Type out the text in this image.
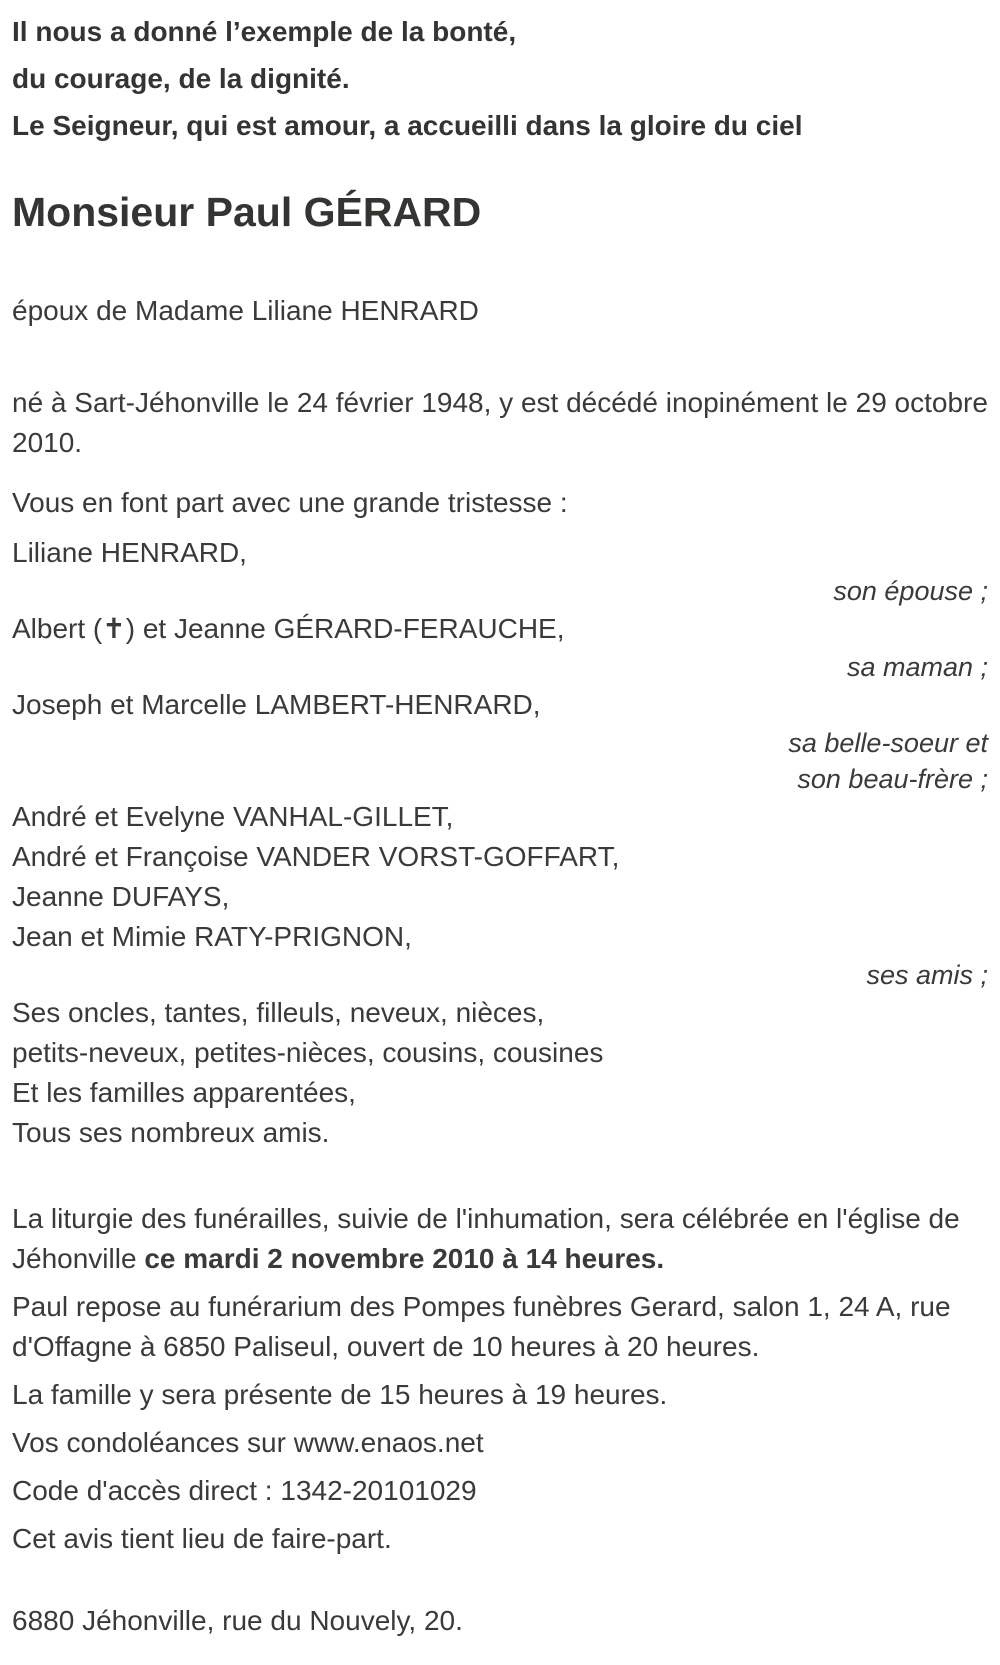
Il nous a donné l’exemple de la bonté,

du courage, de la dignité.

Le Seigneur, qui est amour, a accueilli dans la gloire du ciel

Monsieur Paul GÉRARD

époux de Madame Liliane HENRARD

né à Sart-Jéhonville le 24 février 1948, y est décédé inopinément le 29 octobre 2010.

Vous en font part avec une grande tristesse :

Liliane HENRARD,

son épouse ;

Albert (✝) et Jeanne GÉRARD-FERAUCHE,

sa maman ;

Joseph et Marcelle LAMBERT-HENRARD,

sa belle-soeur et

son beau-frère ;

André et Evelyne VANHAL-GILLET,

André et Françoise VANDER VORST-GOFFART,

Jeanne DUFAYS,

Jean et Mimie RATY-PRIGNON,

ses amis ;

Ses oncles, tantes, filleuls, neveux, nièces,

petits-neveux, petites-nièces, cousins, cousines

Et les familles apparentées,

Tous ses nombreux amis.

La liturgie des funérailles, suivie de l'inhumation, sera célébrée en l'église de Jéhonville ce mardi 2 novembre 2010 à 14 heures.

Paul repose au funérarium des Pompes funèbres Gerard, salon 1, 24 A, rue d'Offagne à 6850 Paliseul, ouvert de 10 heures à 20 heures.

La famille y sera présente de 15 heures à 19 heures.

Vos condoléances sur www.enaos.net

Code d'accès direct : 1342-20101029

Cet avis tient lieu de faire-part.

6880 Jéhonville, rue du Nouvely, 20.
